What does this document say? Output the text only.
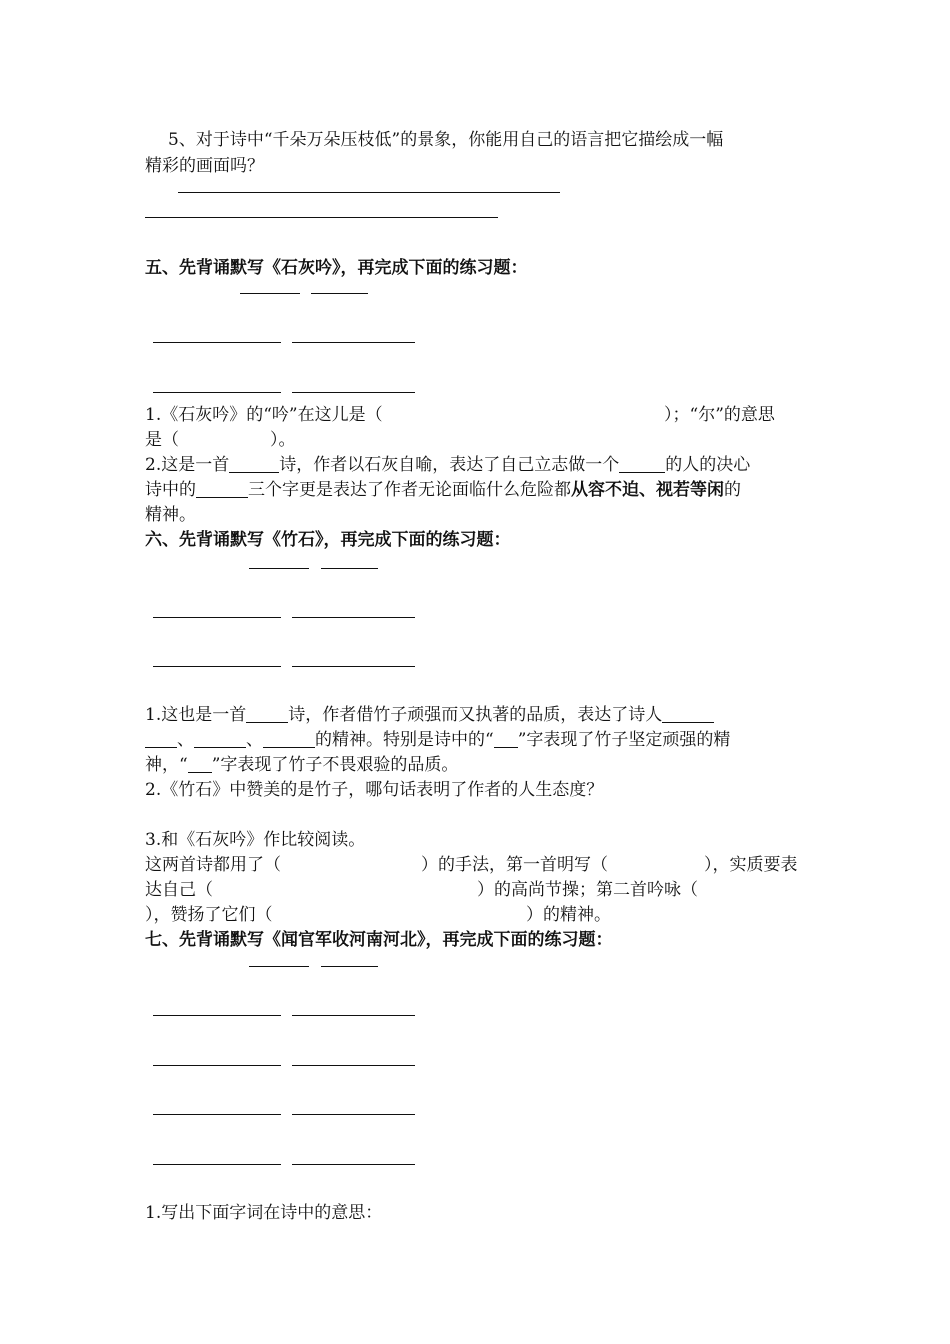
5、对于诗中“千朵万朵压枝低”的景象，你能用自己的语言把它描绘成一幅
精彩的画面吗？
五、先背诵默写《石灰吟》，再完成下面的练习题：
1.《石灰吟》的“吟”在这儿是（	）；“尔”的意思
是（	）。
2.这是一首	诗，作者以石灰自喻，表达了自己立志做一个	的人的决心
诗中的	三个字更是表达了作者无论面临什么危险都从容不迫、视若等闲的
精神。
六、先背诵默写《竹石》，再完成下面的练习题：
1.这也是一首 诗，作者借竹子顽强而又执著的品质，表达了诗人
、	、	的精神。特别是诗中的“ ”字表现了竹子坚定顽强的精
神，“ ”字表现了竹子不畏艰验的品质。
2.《竹石》中赞美的是竹子，哪句话表明了作者的人生态度？
3.和《石灰吟》作比较阅读。
这两首诗都用了（	）的手法，第一首明写（	），实质要表
达自己（	）的高尚节操；第二首吟咏（
），赞扬了它们（	）的精神。
七、先背诵默写《闻官军收河南河北》，再完成下面的练习题：
1.写出下面字词在诗中的意思：
